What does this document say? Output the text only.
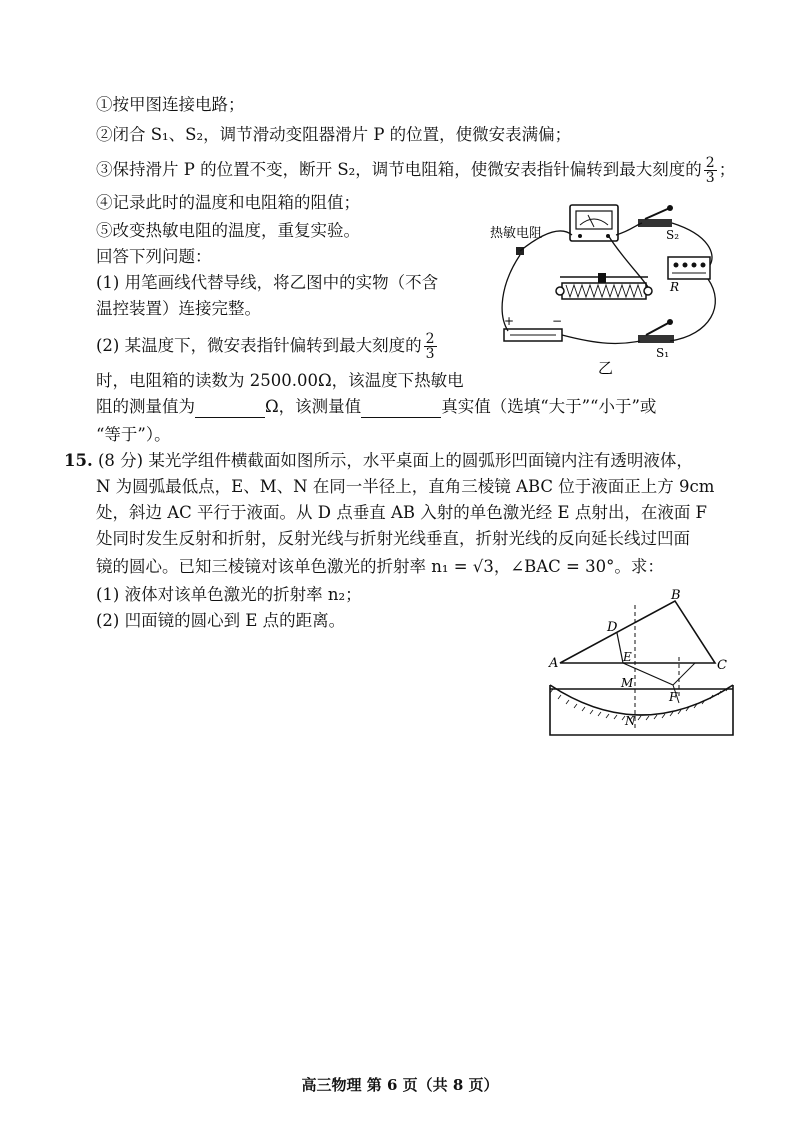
①按甲图连接电路；
②闭合 S₁、S₂，调节滑动变阻器滑片 P 的位置，使微安表满偏；
③保持滑片 P 的位置不变，断开 S₂，调节电阻箱，使微安表指针偏转到最大刻度的 $\frac{2}{3}$ ；
④记录此时的温度和电阻箱的阻值；
⑤改变热敏电阻的温度，重复实验。
回答下列问题：
(1) 用笔画线代替导线，将乙图中的实物（不含
温控装置）连接完整。
(2) 某温度下，微安表指针偏转到最大刻度的 $\frac{2}{3}$
时，电阻箱的读数为 2500.00Ω，该温度下热敏电
阻的测量值为	Ω，该测量值	真实值（选填“大于”“小于”或
“等于”）。
S₂
热敏电阻
R
+	−
S₁
乙
15. (8 分) 某光学组件横截面如图所示，水平桌面上的圆弧形凹面镜内注有透明液体，
N 为圆弧最低点，E、M、N 在同一半径上，直角三棱镜 ABC 位于液面正上方 9cm
处，斜边 AC 平行于液面。从 D 点垂直 AB 入射的单色激光经 E 点射出，在液面 F
处同时发生反射和折射，反射光线与折射光线垂直，折射光线的反向延长线过凹面
镜的圆心。已知三棱镜对该单色激光的折射率 n₁ = √3，∠BAC = 30°。求：
(1) 液体对该单色激光的折射率 n₂；
(2) 凹面镜的圆心到 E 点的距离。
A
B
C
D
E
M
F
N
高三物理 第 6 页（共 8 页）
